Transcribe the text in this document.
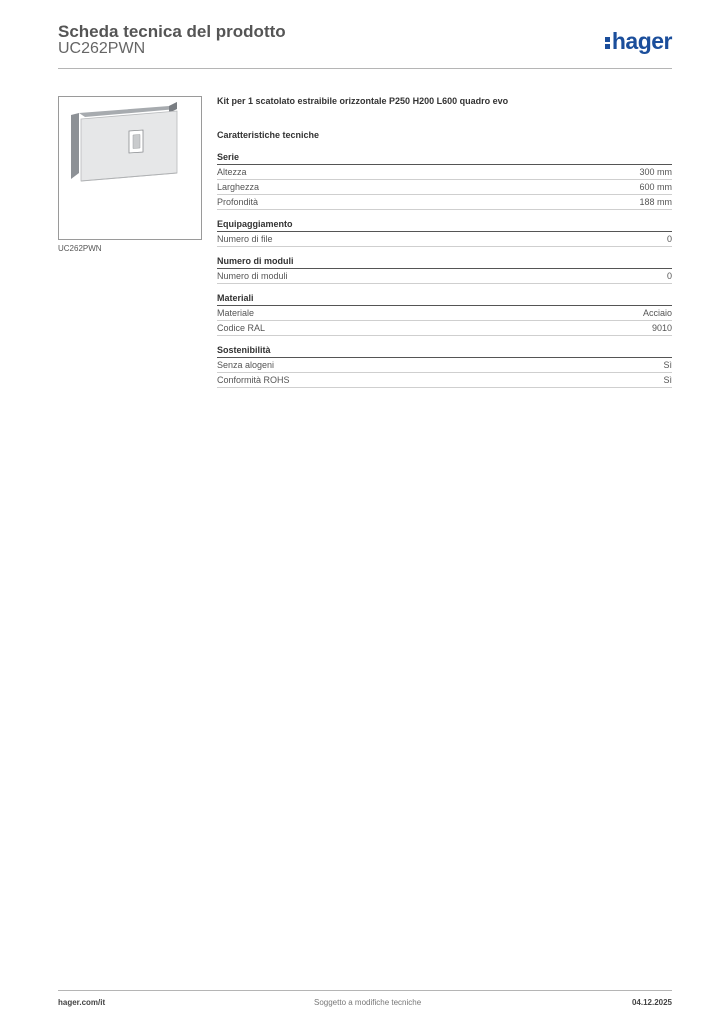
Scheda tecnica del prodotto
UC262PWN	hager
UC262PWN
Kit per 1 scatolato estraibile orizzontale P250 H200 L600 quadro evo
Caratteristiche tecniche
Serie
Altezza	300 mm
Larghezza	600 mm
Profondità	188 mm
Equipaggiamento
Numero di file	0
Numero di moduli
Numero di moduli	0
Materiali
Materiale	Acciaio
Codice RAL	9010
Sostenibilità
Senza alogeni	Sì
Conformità ROHS	Sì
hager.com/it	Soggetto a modifiche tecniche	04.12.2025
